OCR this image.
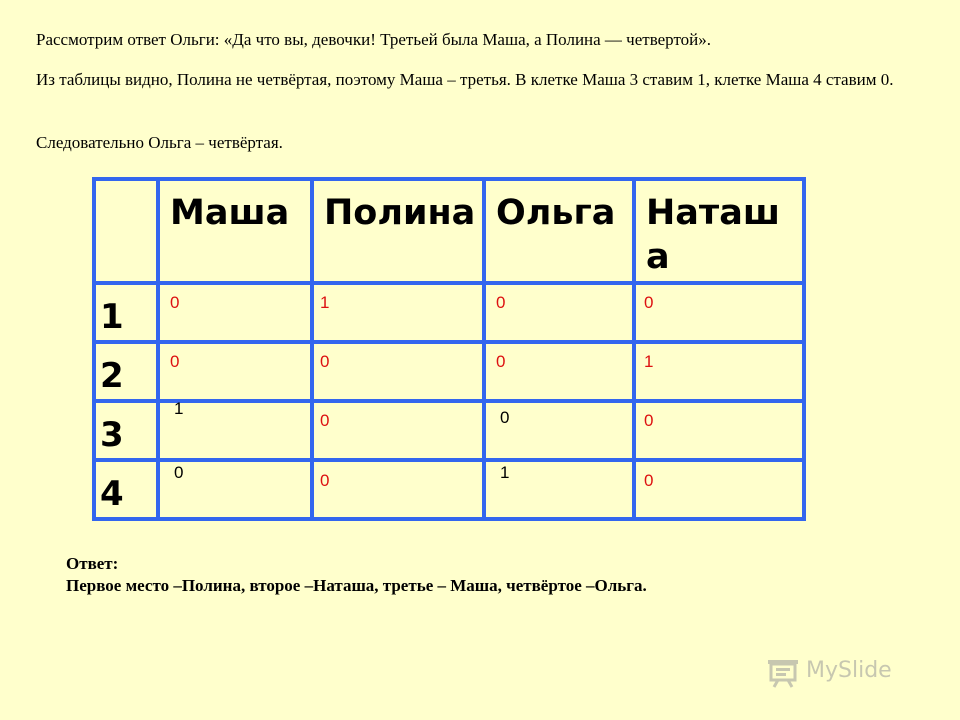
Рассмотрим ответ Ольги: «Да что вы, девочки! Третьей была Маша, а Полина — четвертой».

Из таблицы видно, Полина не четвёртая, поэтому Маша – третья. В клетке Маша 3 ставим 1, клетке Маша 4 ставим 0.

Следовательно Ольга – четвёртая.

	Маша	Полина	Ольга	Наташа

1	0	1	0	0

2	0	0	0	1

3	1	0	0	0

4	0	0	1	0
Ответ:
Первое место –Полина, второе –Наташа, третье – Маша, четвёртое –Ольга.
MySlide
